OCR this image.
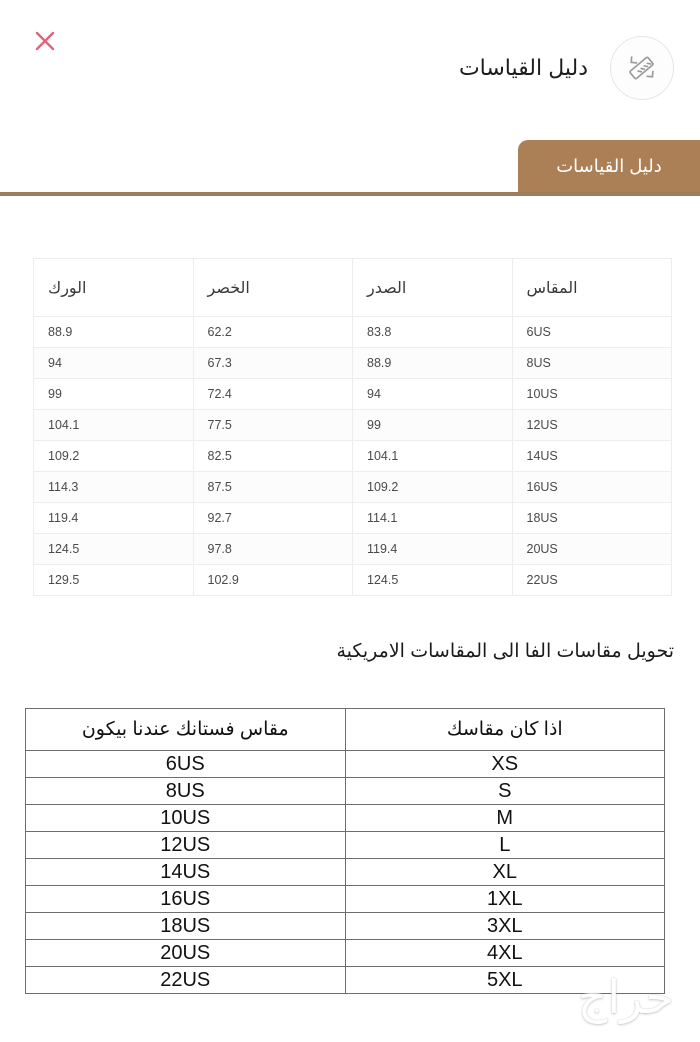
دليل القياسات
دليل القياسات
المقاس	الصدر	الخصر	الورك
6US	83.8	62.2	88.9
8US	88.9	67.3	94
10US	94	72.4	99
12US	99	77.5	104.1
14US	104.1	82.5	109.2
16US	109.2	87.5	114.3
18US	114.1	92.7	119.4
20US	119.4	97.8	124.5
22US	124.5	102.9	129.5
تحويل مقاسات الفا الى المقاسات الامريكية
اذا كان مقاسك	مقاس فستانك عندنا بيكون
XS	6US
S	8US
M	10US
L	12US
XL	14US
1XL	16US
3XL	18US
4XL	20US
5XL	22US	حراج
